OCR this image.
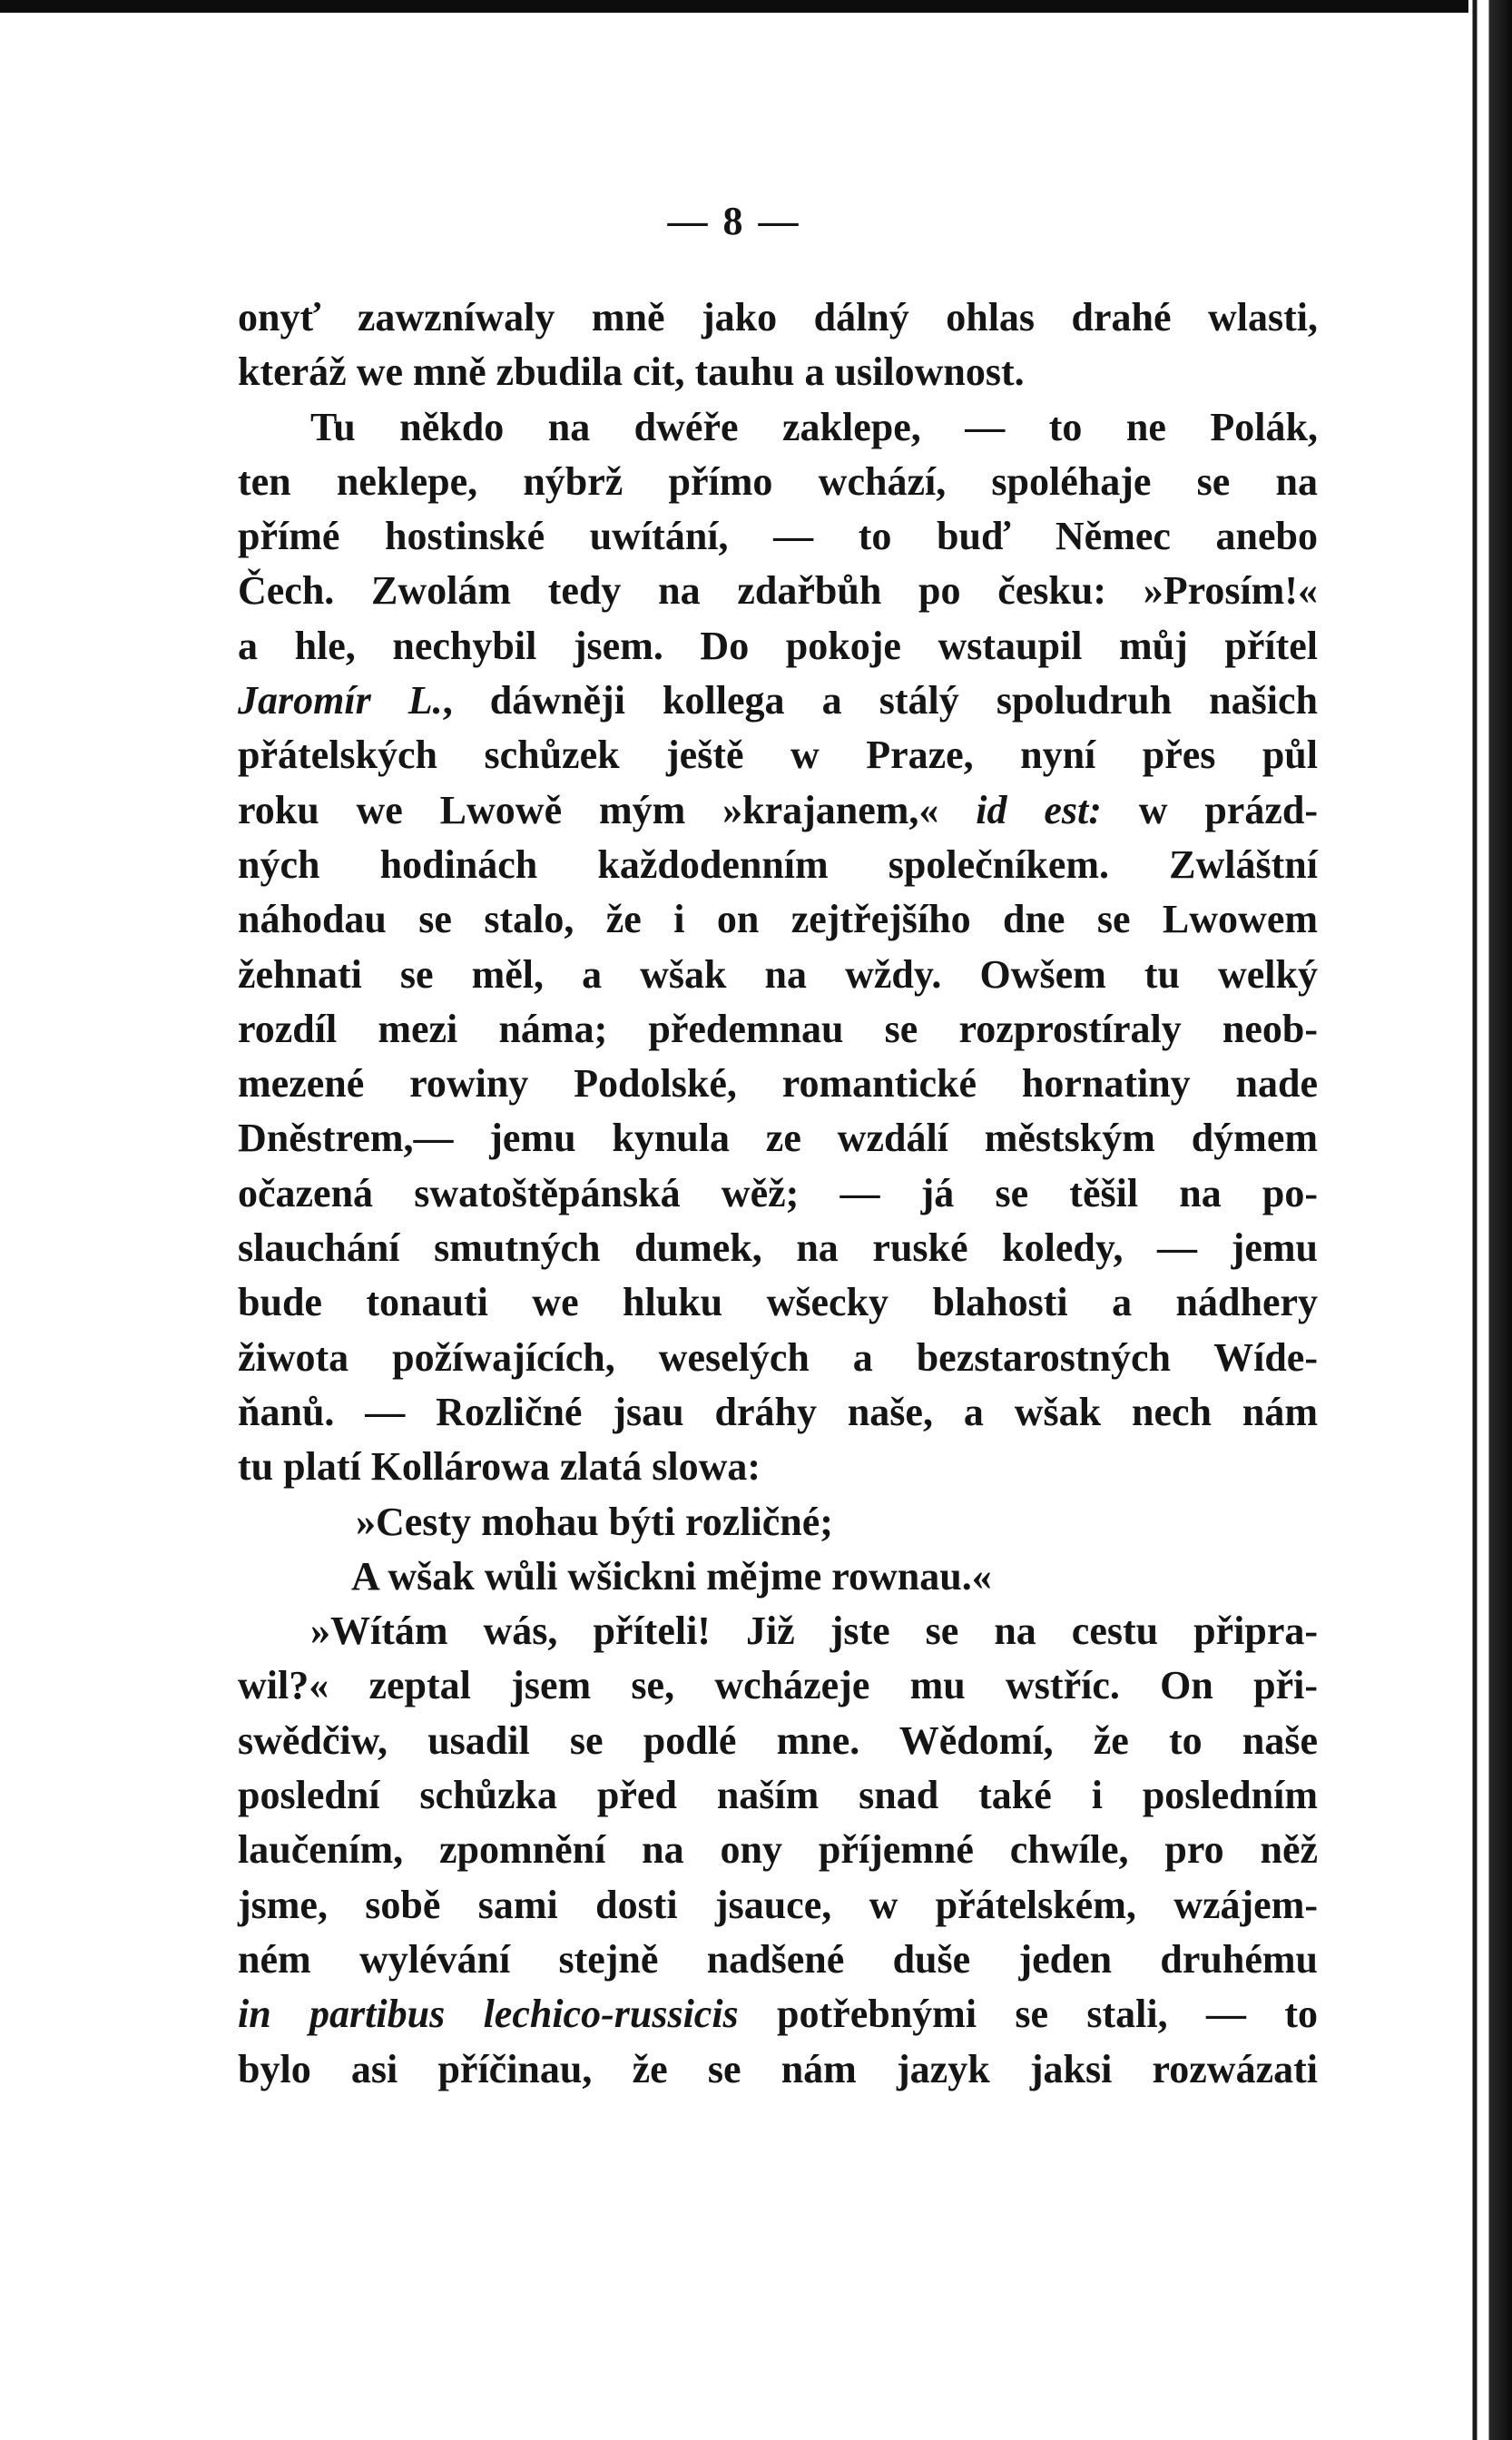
— 8 —
onyť zawzníwaly mně jako dálný ohlas drahé wlasti,
kteráž we mně zbudila cit, tauhu a usilownost.
Tu někdo na dwéře zaklepe, — to ne Polák,
ten neklepe, nýbrž přímo wchází, spoléhaje se na
přímé hostinské uwítání, — to buď Němec anebo
Čech. Zwolám tedy na zdařbůh po česku: »Prosím!«
a hle, nechybil jsem. Do pokoje wstaupil můj přítel
Jaromír L., dáwněji kollega a stálý spoludruh našich
přátelských schůzek ještě w Praze, nyní přes půl
roku we Lwowě mým »krajanem,« id est: w prázd-
ných hodinách každodenním společníkem. Zwláštní
náhodau se stalo, že i on zejtřejšího dne se Lwowem
žehnati se měl, a wšak na wždy. Owšem tu welký
rozdíl mezi náma; předemnau se rozprostíraly neob-
mezené rowiny Podolské, romantické hornatiny nade
Dněstrem,— jemu kynula ze wzdálí městským dýmem
očazená swatoštěpánská wěž; — já se těšil na po-
slauchání smutných dumek, na ruské koledy, — jemu
bude tonauti we hluku wšecky blahosti a nádhery
žiwota požíwajících, weselých a bezstarostných Wíde-
ňanů. — Rozličné jsau dráhy naše, a wšak nech nám
tu platí Kollárowa zlatá slowa:
»Cesty mohau býti rozličné;
A wšak wůli wšickni mějme rownau.«
»Wítám wás, příteli! Již jste se na cestu připra-
wil?« zeptal jsem se, wcházeje mu wstříc. On při-
swědčiw, usadil se podlé mne. Wědomí, že to naše
poslední schůzka před naším snad také i posledním
laučením, zpomnění na ony příjemné chwíle, pro něž
jsme, sobě sami dosti jsauce, w přátelském, wzájem-
ném wylévání stejně nadšené duše jeden druhému
in partibus lechico-russicis potřebnými se stali, — to
bylo asi příčinau, že se nám jazyk jaksi rozwázati
